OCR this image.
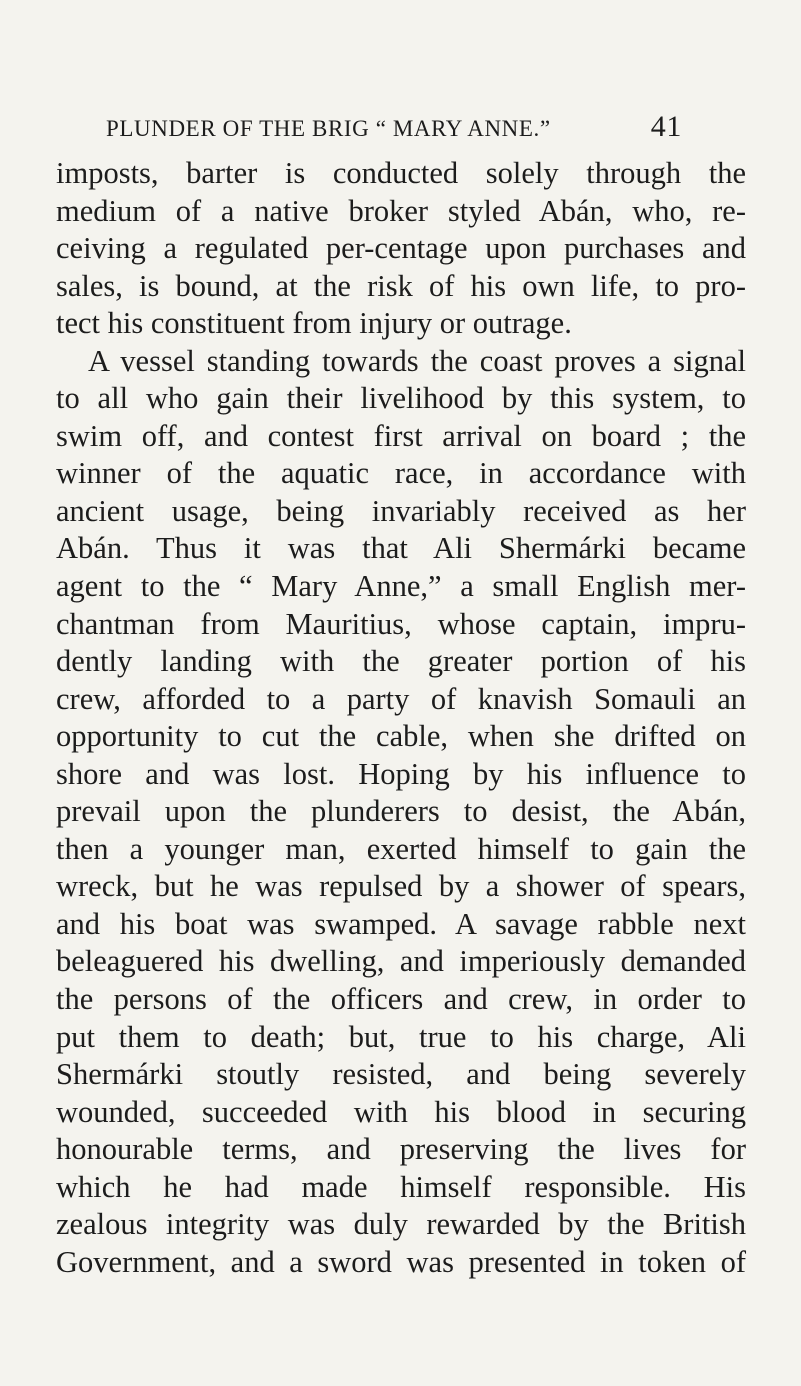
PLUNDER OF THE BRIG “ MARY ANNE.”	41
imposts, barter is conducted solely through the
medium of a native broker styled Abán, who, re-
ceiving a regulated per-centage upon purchases and
sales, is bound, at the risk of his own life, to pro-
tect his constituent from injury or outrage.
A vessel standing towards the coast proves a signal
to all who gain their livelihood by this system, to
swim off, and contest first arrival on board ; the
winner of the aquatic race, in accordance with
ancient usage, being invariably received as her
Abán. Thus it was that Ali Shermárki became
agent to the “ Mary Anne,” a small English mer-
chantman from Mauritius, whose captain, impru-
dently landing with the greater portion of his
crew, afforded to a party of knavish Somauli an
opportunity to cut the cable, when she drifted on
shore and was lost. Hoping by his influence to
prevail upon the plunderers to desist, the Abán,
then a younger man, exerted himself to gain the
wreck, but he was repulsed by a shower of spears,
and his boat was swamped. A savage rabble next
beleaguered his dwelling, and imperiously demanded
the persons of the officers and crew, in order to
put them to death; but, true to his charge, Ali
Shermárki stoutly resisted, and being severely
wounded, succeeded with his blood in securing
honourable terms, and preserving the lives for
which he had made himself responsible. His
zealous integrity was duly rewarded by the British
Government, and a sword was presented in token of
